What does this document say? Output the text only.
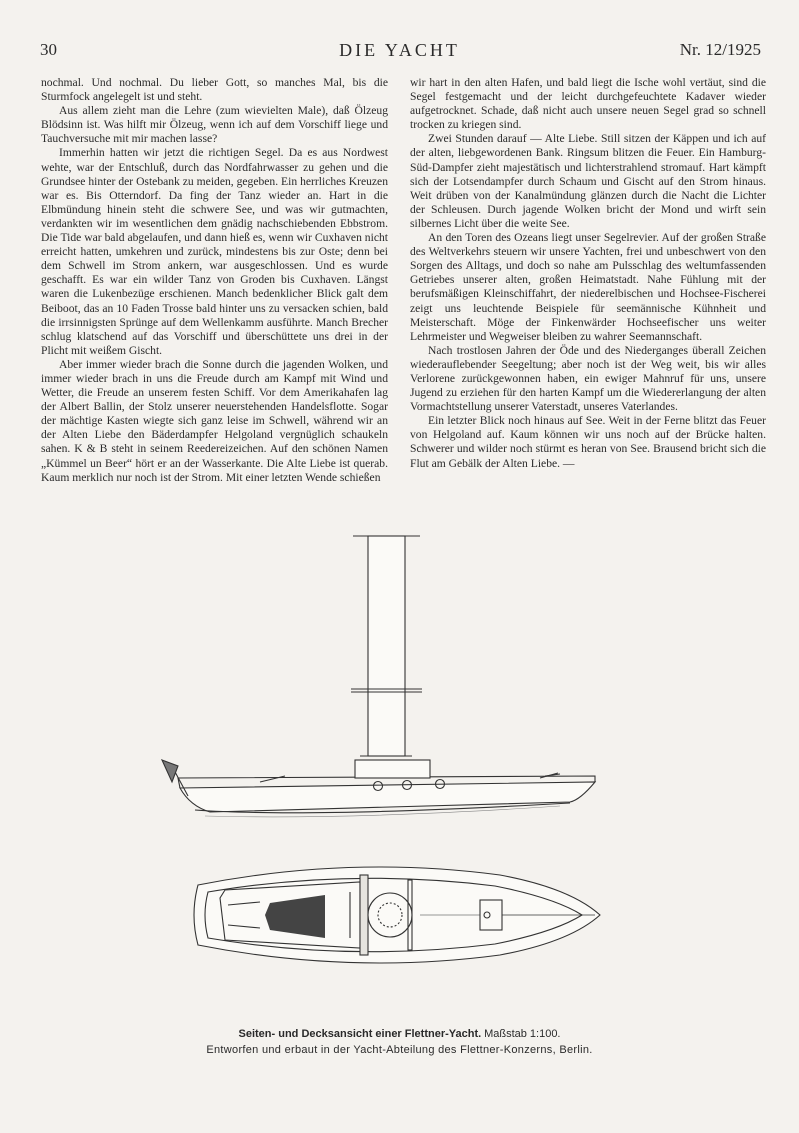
30	DIE YACHT	Nr. 12/1925

nochmal. Und nochmal. Du lieber Gott, so manches Mal, bis die Sturmfock angelegelt ist und steht.

Aus allem zieht man die Lehre (zum wievielten Male), daß Ölzeug Blödsinn ist. Was hilft mir Ölzeug, wenn ich auf dem Vorschiff liege und Tauchversuche mit mir machen lasse?

Immerhin hatten wir jetzt die richtigen Segel. Da es aus Nordwest wehte, war der Entschluß, durch das Nordfahrwasser zu gehen und die Grundsee hinter der Ostebank zu meiden, gegeben. Ein herrliches Kreuzen war es. Bis Otterndorf. Da fing der Tanz wieder an. Hart in die Elbmündung hinein steht die schwere See, und was wir gutmachten, verdankten wir im wesentlichen dem gnädig nachschiebenden Ebbstrom. Die Tide war bald abgelaufen, und dann hieß es, wenn wir Cuxhaven nicht erreicht hatten, umkehren und zurück, mindestens bis zur Oste; denn bei dem Schwell im Strom ankern, war ausgeschlossen. Und es wurde geschafft. Es war ein wilder Tanz von Groden bis Cuxhaven. Längst waren die Lukenbezüge erschienen. Manch bedenklicher Blick galt dem Beiboot, das an 10 Faden Trosse bald hinter uns zu versacken schien, bald die irrsinnigsten Sprünge auf dem Wellenkamm ausführte. Manch Brecher schlug klatschend auf das Vorschiff und überschüttete uns drei in der Plicht mit weißem Gischt.

Aber immer wieder brach die Sonne durch die jagenden Wolken, und immer wieder brach in uns die Freude durch am Kampf mit Wind und Wetter, die Freude an unserem festen Schiff. Vor dem Amerikahafen lag der Albert Ballin, der Stolz unserer neuerstehenden Handelsflotte. Sogar der mächtige Kasten wiegte sich ganz leise im Schwell, während wir an der Alten Liebe den Bäderdampfer Helgoland vergnüglich schaukeln sahen. K & B steht in seinem Reedereizeichen. Auf den schönen Namen „Kümmel un Beer“ hört er an der Wasserkante. Die Alte Liebe ist querab. Kaum merklich nur noch ist der Strom. Mit einer letzten Wende schießen

wir hart in den alten Hafen, und bald liegt die Ische wohl vertäut, sind die Segel festgemacht und der leicht durchgefeuchtete Kadaver wieder aufgetrocknet. Schade, daß nicht auch unsere neuen Segel grad so schnell trocken zu kriegen sind.

Zwei Stunden darauf — Alte Liebe. Still sitzen der Käppen und ich auf der alten, liebgewordenen Bank. Ringsum blitzen die Feuer. Ein Hamburg-Süd-Dampfer zieht majestätisch und lichterstrahlend stromauf. Hart kämpft sich der Lotsendampfer durch Schaum und Gischt auf den Strom hinaus. Weit drüben von der Kanalmündung glänzen durch die Nacht die Lichter der Schleusen. Durch jagende Wolken bricht der Mond und wirft sein silbernes Licht über die weite See.

An den Toren des Ozeans liegt unser Segelrevier. Auf der großen Straße des Weltverkehrs steuern wir unsere Yachten, frei und unbeschwert von den Sorgen des Alltags, und doch so nahe am Pulsschlag des weltumfassenden Getriebes unserer alten, großen Heimatstadt. Nahe Fühlung mit der berufsmäßigen Kleinschiffahrt, der niederelbischen und Hochsee-Fischerei zeigt uns leuchtende Beispiele für seemännische Kühnheit und Meisterschaft. Möge der Finkenwärder Hochseefischer uns weiter Lehrmeister und Wegweiser bleiben zu wahrer Seemannschaft.

Nach trostlosen Jahren der Öde und des Niederganges überall Zeichen wiederauflebender Seegeltung; aber noch ist der Weg weit, bis wir alles Verlorene zurückgewonnen haben, ein ewiger Mahnruf für uns, unsere Jugend zu erziehen für den harten Kampf um die Wiedererlangung der alten Vormachtstellung unserer Vaterstadt, unseres Vaterlandes.

Ein letzter Blick noch hinaus auf See. Weit in der Ferne blitzt das Feuer von Helgoland auf. Kaum können wir uns noch auf der Brücke halten. Schwerer und wilder noch stürmt es heran von See. Brausend bricht sich die Flut am Gebälk der Alten Liebe. —

Seiten- und Decksansicht einer Flettner-Yacht. Maßstab 1:100.
Entworfen und erbaut in der Yacht-Abteilung des Flettner-Konzerns, Berlin.
